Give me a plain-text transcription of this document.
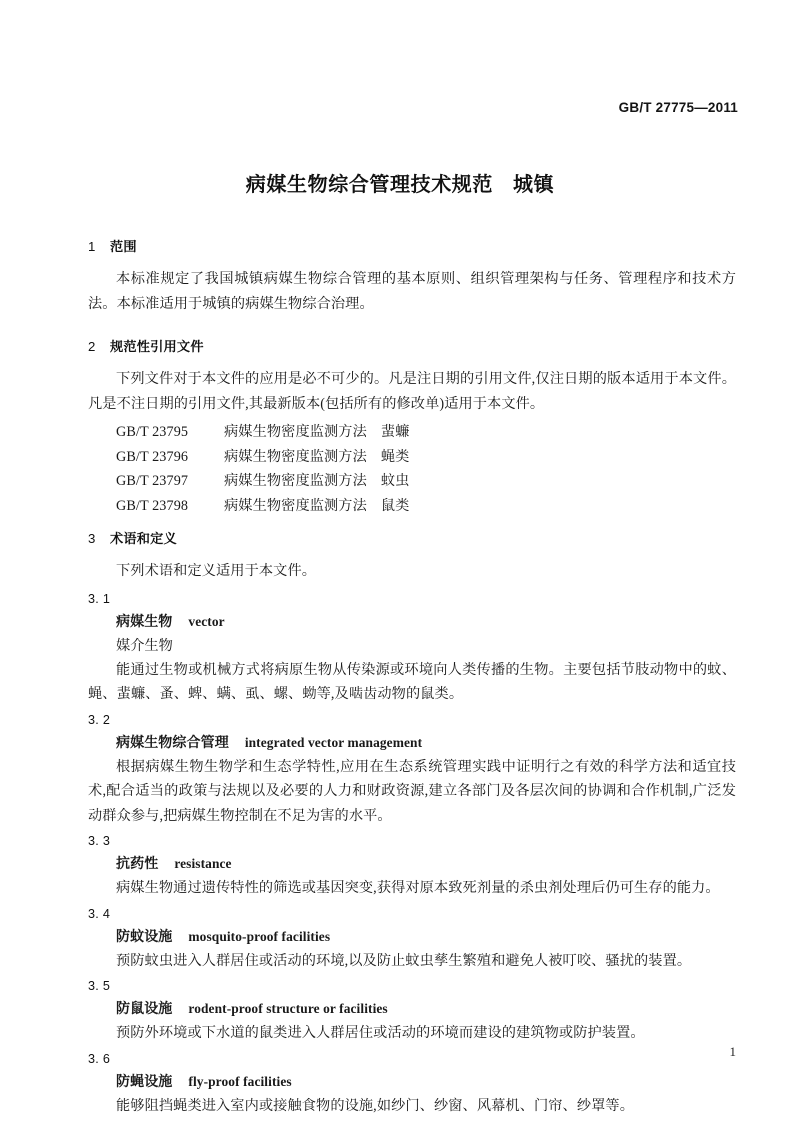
GB/T 27775—2011
病媒生物综合管理技术规范 城镇
1 范围

本标准规定了我国城镇病媒生物综合管理的基本原则、组织管理架构与任务、管理程序和技术方法。本标准适用于城镇的病媒生物综合治理。

2 规范性引用文件

下列文件对于本文件的应用是必不可少的。凡是注日期的引用文件,仅注日期的版本适用于本文件。凡是不注日期的引用文件,其最新版本(包括所有的修改单)适用于本文件。

GB/T 23795	病媒生物密度监测方法 蜚蠊
GB/T 23796	病媒生物密度监测方法 蝇类
GB/T 23797	病媒生物密度监测方法 蚊虫
GB/T 23798	病媒生物密度监测方法 鼠类
3 术语和定义

下列术语和定义适用于本文件。

3. 1
病媒生物 vector
媒介生物
能通过生物或机械方式将病原生物从传染源或环境向人类传播的生物。主要包括节肢动物中的蚊、蝇、蜚蠊、蚤、蜱、螨、虱、螺、蚴等,及啮齿动物的鼠类。
3. 2
病媒生物综合管理 integrated vector management
根据病媒生物生物学和生态学特性,应用在生态系统管理实践中证明行之有效的科学方法和适宜技术,配合适当的政策与法规以及必要的人力和财政资源,建立各部门及各层次间的协调和合作机制,广泛发动群众参与,把病媒生物控制在不足为害的水平。
3. 3
抗药性 resistance
病媒生物通过遗传特性的筛选或基因突变,获得对原本致死剂量的杀虫剂处理后仍可生存的能力。
3. 4
防蚊设施 mosquito-proof facilities
预防蚊虫进入人群居住或活动的环境,以及防止蚊虫孳生繁殖和避免人被叮咬、骚扰的装置。
3. 5
防鼠设施 rodent-proof structure or facilities
预防外环境或下水道的鼠类进入人群居住或活动的环境而建设的建筑物或防护装置。
3. 6
防蝇设施 fly-proof facilities
能够阻挡蝇类进入室内或接触食物的设施,如纱门、纱窗、风幕机、门帘、纱罩等。
1
